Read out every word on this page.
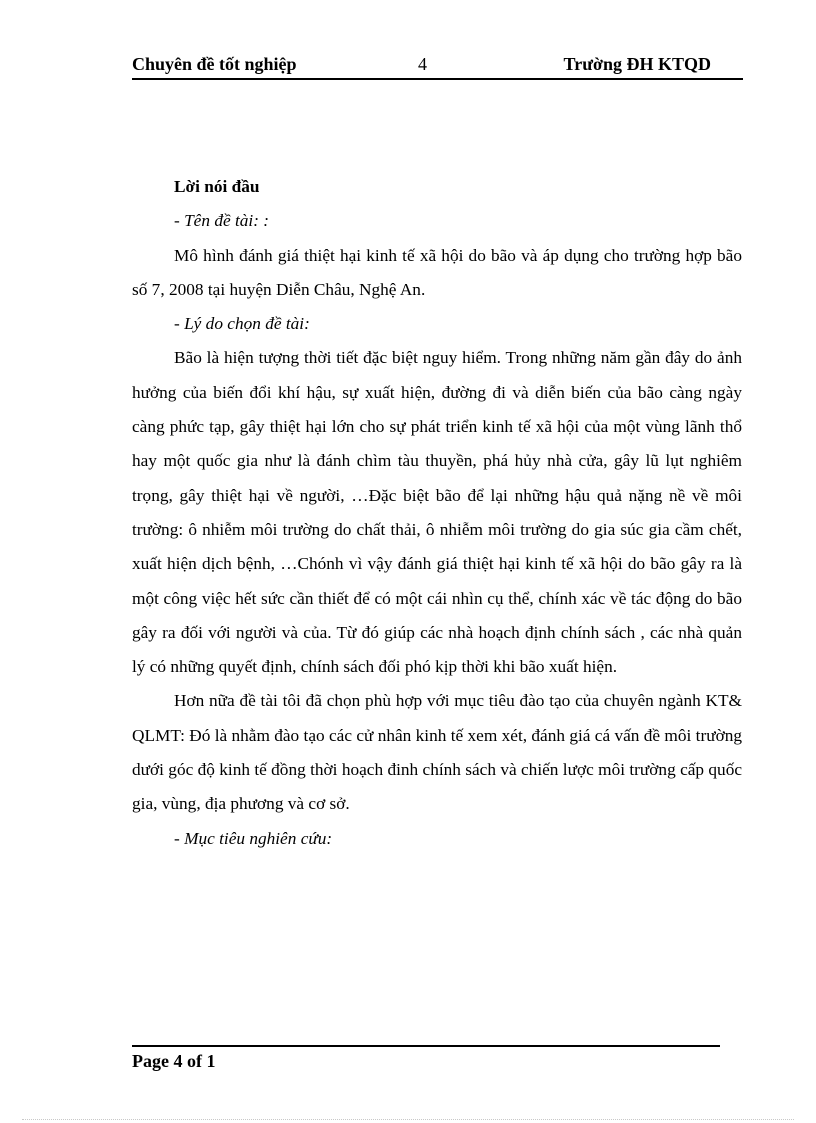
Chuyên đề tốt nghiệp	4	Trường ĐH KTQD

Lời nói đầu

- Tên đề tài: :

Mô hình đánh giá thiệt hại kinh tế xã hội do bão và áp dụng cho trường hợp bão số 7, 2008 tại huyện Diễn Châu, Nghệ An.

- Lý do chọn đề tài:

Bão là hiện tượng thời tiết đặc biệt nguy hiểm. Trong những năm gần đây do ảnh hưởng của biến đổi khí hậu, sự xuất hiện, đường đi và diễn biến của bão càng ngày càng phức tạp, gây thiệt hại lớn cho sự phát triển kinh tế xã hội của một vùng lãnh thổ hay một quốc gia như là đánh chìm tàu thuyền, phá hủy nhà cửa, gây lũ lụt nghiêm trọng, gây thiệt hại về người, …Đặc biệt bão để lại những hậu quả nặng nề về môi trường: ô nhiễm môi trường do chất thải, ô nhiễm môi trường do gia súc gia cầm chết, xuất hiện dịch bệnh, …Chónh vì vậy đánh giá thiệt hại kinh tế xã hội do bão gây ra là một công việc hết sức cần thiết để có một cái nhìn cụ thể, chính xác về tác động do bão gây ra đối với người và của. Từ đó giúp các nhà hoạch định chính sách , các nhà quản lý có những quyết định, chính sách đối phó kịp thời khi bão xuất hiện.

Hơn nữa đề tài tôi đã chọn phù hợp với mục tiêu đào tạo của chuyên ngành KT& QLMT: Đó là nhằm đào tạo các cử nhân kinh tế xem xét, đánh giá cá vấn đề môi trường dưới góc độ kinh tế đồng thời hoạch đinh chính sách và chiến lược môi trường cấp quốc gia, vùng, địa phương và cơ sở.

- Mục tiêu nghiên cứu:

Page 4 of 1
